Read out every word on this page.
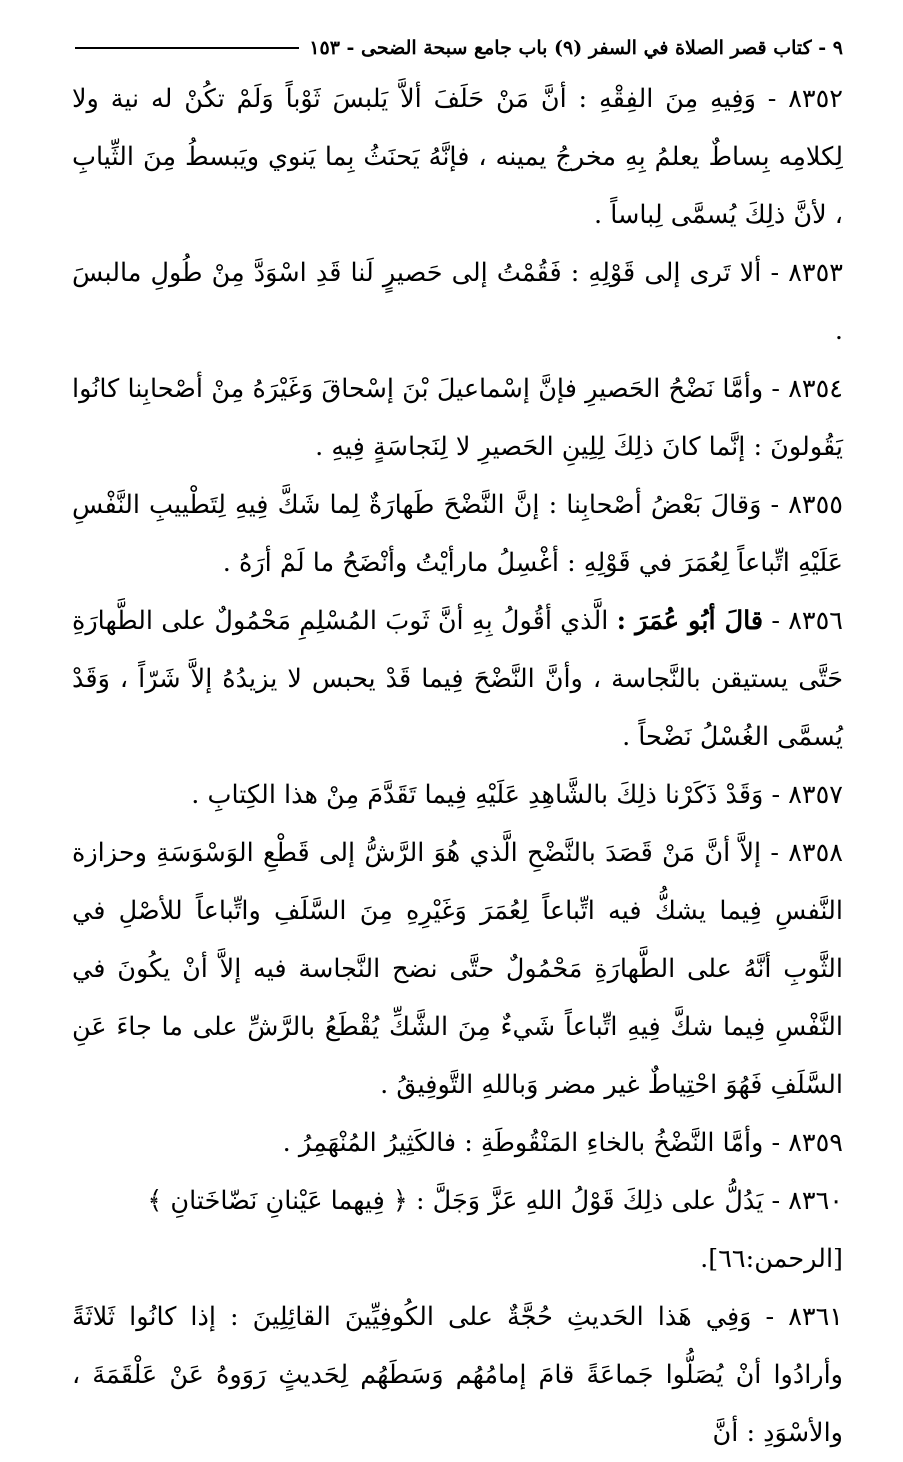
٩ - كتاب قصر الصلاة في السفر (٩) باب جامع سبحة الضحى - ١٥٣

٨٣٥٢ - وَفِيهِ مِنَ الفِقْهِ : أنَّ مَنْ حَلَفَ ألاَّ يَلبسَ ثَوْباً وَلَمْ تكُنْ له نية ولا لِكلامِه بِساطٌ يعلمُ بِهِ مخرجُ يمينه ، فإنَّهُ يَحنَثُ بِما يَنوي ويَبسطُ مِنَ الثِّيابِ ، لأنَّ ذلِكَ يُسمَّى لِباساً .

٨٣٥٣ - ألا تَرى إلى قَوْلِهِ : فَقُمْتُ إلى حَصيرٍ لَنا قَدِ اسْوَدَّ مِنْ طُولِ مالبسَ .

٨٣٥٤ - وأمَّا نَضْحُ الحَصيرِ فإنَّ إسْماعيلَ بْنَ إسْحاقَ وَغَيْرَهُ مِنْ أصْحابِنا كانُوا يَقُولونَ : إنَّما كانَ ذلِكَ لِلِينِ الحَصيرِ لا لِنَجاسَةٍ فِيهِ .

٨٣٥٥ - وَقالَ بَعْضُ أصْحابِنا : إنَّ النَّضْحَ طَهارَةٌ لِما شَكَّ فِيهِ لِتَطْييبِ النَّفْسِ عَلَيْهِ اتِّباعاً لِعُمَرَ في قَوْلِهِ : أغْسِلُ مارأيْتُ وأنْضَحُ ما لَمْ أرَهُ .

٨٣٥٦ - قالَ أبُو عُمَرَ : الَّذي أقُولُ بِهِ أنَّ ثَوبَ المُسْلِمِ مَحْمُولٌ على الطَّهارَةِ حَتَّى يستيقن بالنَّجاسة ، وأنَّ النَّضْحَ فِيما قَدْ يحبس لا يزيدُهُ إلاَّ شَرّاً ، وَقَدْ يُسمَّى الغُسْلُ نَضْحاً .

٨٣٥٧ - وَقَدْ ذَكَرْنا ذلِكَ بالشَّاهِدِ عَلَيْهِ فِيما تَقَدَّمَ مِنْ هذا الكِتابِ .

٨٣٥٨ - إلاَّ أنَّ مَنْ قَصَدَ بالنَّضْحِ الَّذي هُوَ الرَّشُّ إلى قَطْعِ الوَسْوَسَةِ وحزازة النَّفسِ فِيما يشكُّ فيه اتِّباعاً لِعُمَرَ وَغَيْرِهِ مِنَ السَّلَفِ واتِّباعاً للأصْلِ في الثَّوبِ أنَّهُ على الطَّهارَةِ مَحْمُولٌ حتَّى نضح النَّجاسة فيه إلاَّ أنْ يكُونَ في النَّفْسِ فِيما شكَّ فِيهِ اتِّباعاً شَيءٌ مِنَ الشَّكِّ يُقْطَعُ بالرَّشِّ على ما جاءَ عَنِ السَّلَفِ فَهُوَ احْتِياطٌ غير مضر وَباللهِ التَّوفِيقُ .

٨٣٥٩ - وأمَّا النَّضْخُ بالخاءِ المَنْقُوطَةِ : فالكَثِيرُ المُنْهَمِرُ .

٨٣٦٠ - يَدُلُّ على ذلِكَ قَوْلُ اللهِ عَزَّ وَجَلَّ : ﴿ فِيهما عَيْنانِ نَضّاخَتانِ ﴾
[الرحمن:٦٦].

٨٣٦١ - وَفِي هَذا الحَديثِ حُجَّةٌ على الكُوفِيِّينَ القائِلِينَ : إذا كانُوا ثَلاثَةً وأرادُوا أنْ يُصَلُّوا جَماعَةً قامَ إمامُهُم وَسَطَهُم لِحَديثٍ رَوَوهُ عَنْ عَلْقَمَةَ ، والأسْوَدِ : أنَّ
